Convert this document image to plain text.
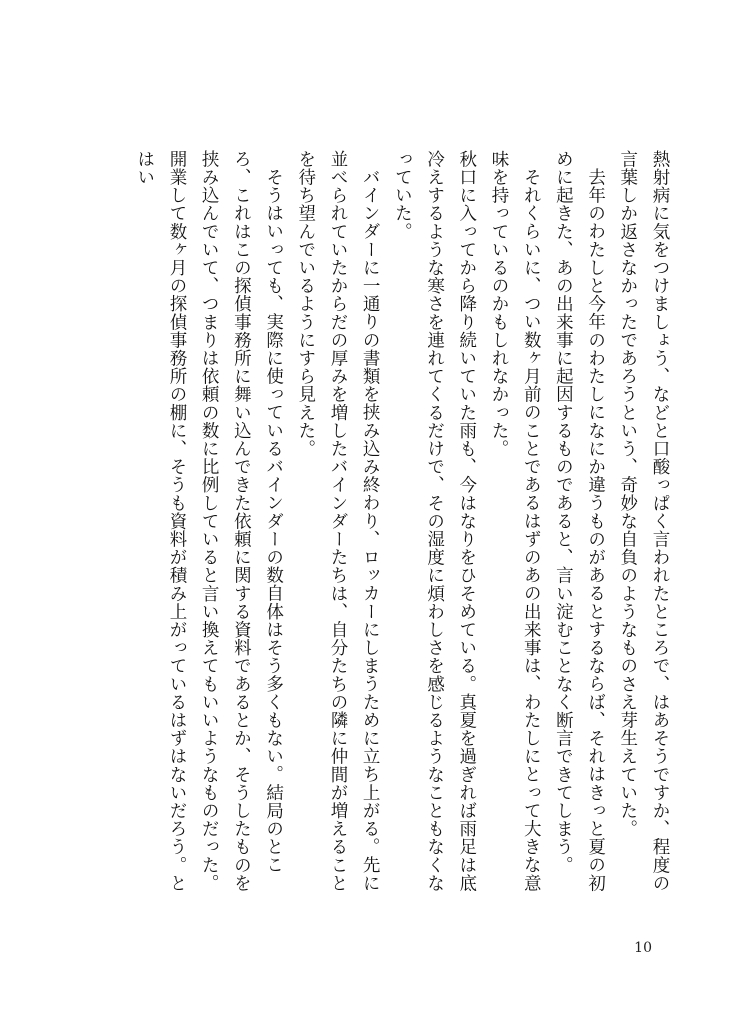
熱射病に気をつけましょう、などと口酸っぱく言われたところで、はあそうですか、程度の言葉しか返さなかったであろうという、奇妙な自負のようなものさえ芽生えていた。

去年のわたしと今年のわたしになにか違うものがあるとするならば、それはきっと夏の初めに起きた、あの出来事に起因するものであると、言い淀むことなく断言できてしまう。

それくらいに、つい数ヶ月前のことであるはずのあの出来事は、わたしにとって大きな意味を持っているのかもしれなかった。

秋口に入ってから降り続いていた雨も、今はなりをひそめている。真夏を過ぎれば雨足は底冷えするような寒さを連れてくるだけで、その湿度に煩わしさを感じるようなこともなくなっていた。

バインダーに一通りの書類を挟み込み終わり、ロッカーにしまうために立ち上がる。先に並べられていたからだの厚みを増したバインダーたちは、自分たちの隣に仲間が増えることを待ち望んでいるようにすら見えた。

そうはいっても、実際に使っているバインダーの数自体はそう多くもない。結局のところ、これはこの探偵事務所に舞い込んできた依頼に関する資料であるとか、そうしたものを挟み込んでいて、つまりは依頼の数に比例していると言い換えてもいいようなものだった。開業して数ヶ月の探偵事務所の棚に、そうも資料が積み上がっているはずはないだろう。とはい

10
